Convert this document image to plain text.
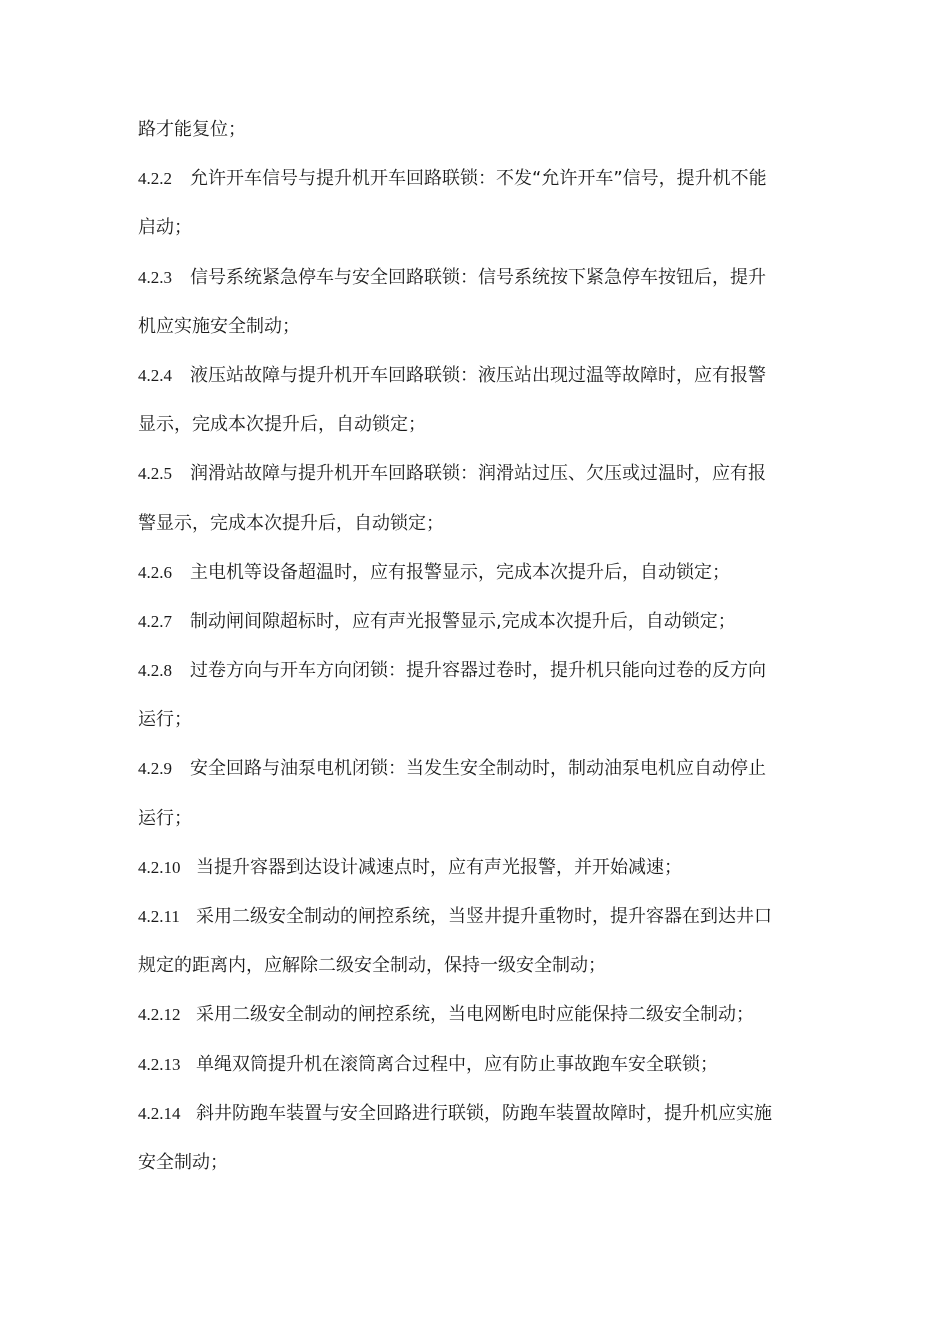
路才能复位；
4.2.2 允许开车信号与提升机开车回路联锁：不发“允许开车”信号，提升机不能
启动；
4.2.3 信号系统紧急停车与安全回路联锁：信号系统按下紧急停车按钮后，提升
机应实施安全制动；
4.2.4 液压站故障与提升机开车回路联锁：液压站出现过温等故障时，应有报警
显示，完成本次提升后，自动锁定；
4.2.5 润滑站故障与提升机开车回路联锁：润滑站过压、欠压或过温时，应有报
警显示，完成本次提升后，自动锁定；
4.2.6 主电机等设备超温时，应有报警显示，完成本次提升后，自动锁定；
4.2.7 制动闸间隙超标时，应有声光报警显示,完成本次提升后，自动锁定；
4.2.8 过卷方向与开车方向闭锁：提升容器过卷时，提升机只能向过卷的反方向
运行；
4.2.9 安全回路与油泵电机闭锁：当发生安全制动时，制动油泵电机应自动停止
运行；
4.2.10 当提升容器到达设计减速点时，应有声光报警，并开始减速；
4.2.11 采用二级安全制动的闸控系统，当竖井提升重物时，提升容器在到达井口
规定的距离内，应解除二级安全制动，保持一级安全制动；
4.2.12 采用二级安全制动的闸控系统，当电网断电时应能保持二级安全制动；
4.2.13 单绳双筒提升机在滚筒离合过程中，应有防止事故跑车安全联锁；
4.2.14 斜井防跑车装置与安全回路进行联锁，防跑车装置故障时，提升机应实施
安全制动；
